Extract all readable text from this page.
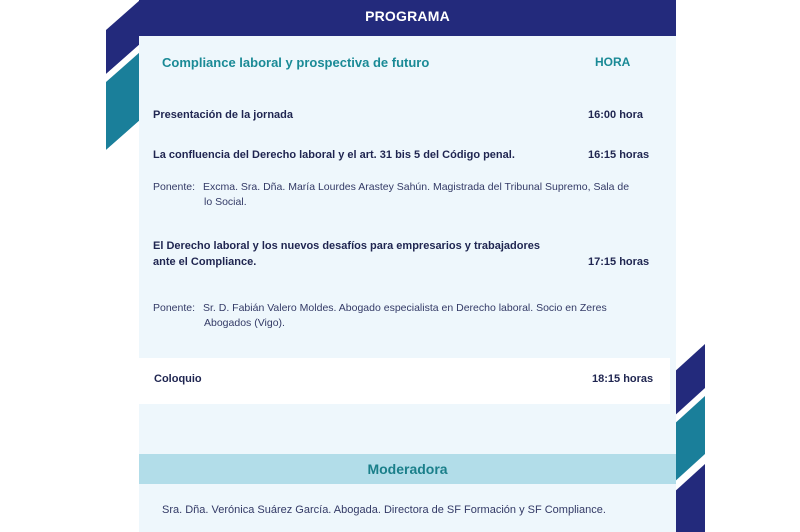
PROGRAMA
Compliance laboral y prospectiva de futuro	HORA
Presentación de la jornada	16:00 hora
La confluencia del Derecho laboral y el art. 31 bis 5 del Código penal.	16:15 horas
Ponente: Excma. Sra. Dña. María Lourdes Arastey Sahún. Magistrada del Tribunal Supremo, Sala de
lo Social.
El Derecho laboral y los nuevos desafíos para empresarios y trabajadores
ante el Compliance.	17:15 horas
Ponente: Sr. D. Fabián Valero Moldes. Abogado especialista en Derecho laboral. Socio en Zeres
Abogados (Vigo).
Coloquio	18:15 horas
Moderadora
Sra. Dña. Verónica Suárez García. Abogada. Directora de SF Formación y SF Compliance.
